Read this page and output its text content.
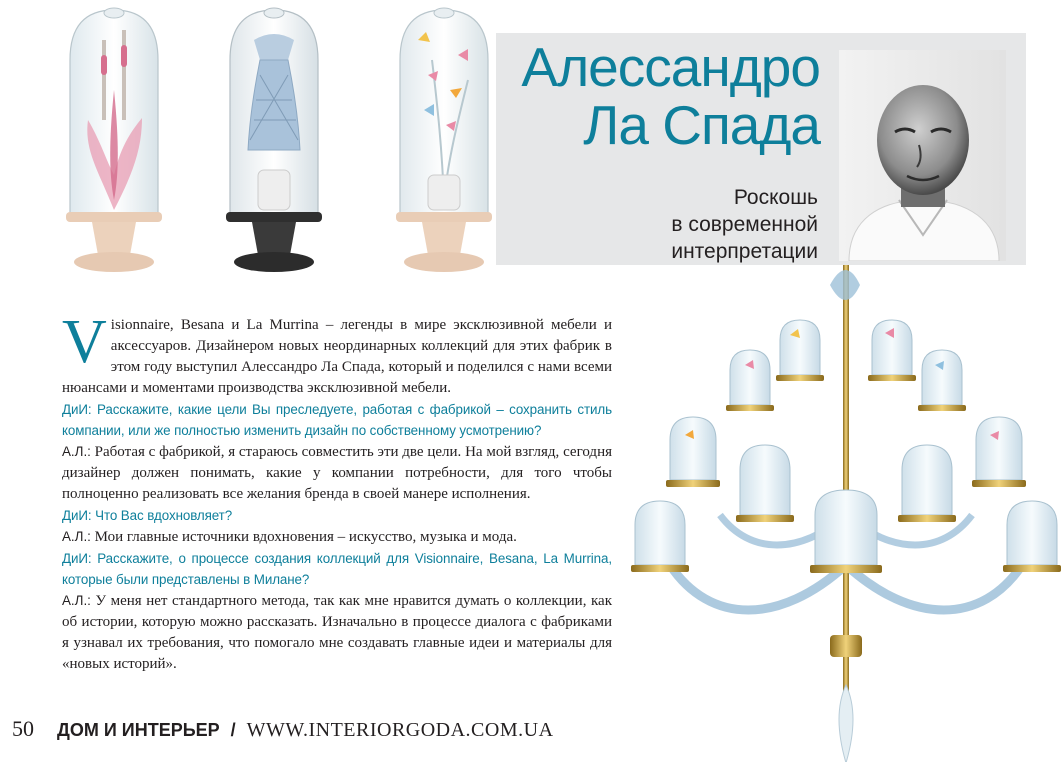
Алессандро
Ла Спада

Роскошь
в современной
интерпретации

Visionnaire, Besana и La Murrina – легенды в мире эксклюзивной мебели и аксессуаров. Дизайнером новых неординарных коллекций для этих фабрик в этом году выступил Алессандро Ла Спада, который и поделился с нами всеми нюансами и моментами производства эксклюзивной мебели.

ДиИ: Расскажите, какие цели Вы преследуете, работая с фабрикой – сохранить стиль компании, или же полностью изменить дизайн по собственному усмотрению?

А.Л.: Работая с фабрикой, я стараюсь совместить эти две цели. На мой взгляд, сегодня дизайнер должен понимать, какие у компании потребности, для того чтобы полноценно реализовать все желания бренда в своей манере исполнения.

ДиИ: Что Вас вдохновляет?

А.Л.: Мои главные источники вдохновения – искусство, музыка и мода.

ДиИ: Расскажите, о процессе создания коллекций для Visionnaire, Besana, La Murrina, которые были представлены в Милане?

А.Л.: У меня нет стандартного метода, так как мне нравится думать о коллекции, как об истории, которую можно рассказать. Изначально в процессе диалога с фабриками я узнавал их требования, что помогало мне создавать главные идеи и материалы для «новых историй».

50 ДОМ И ИНТЕРЬЕР / WWW.INTERIORGODA.COM.UA
